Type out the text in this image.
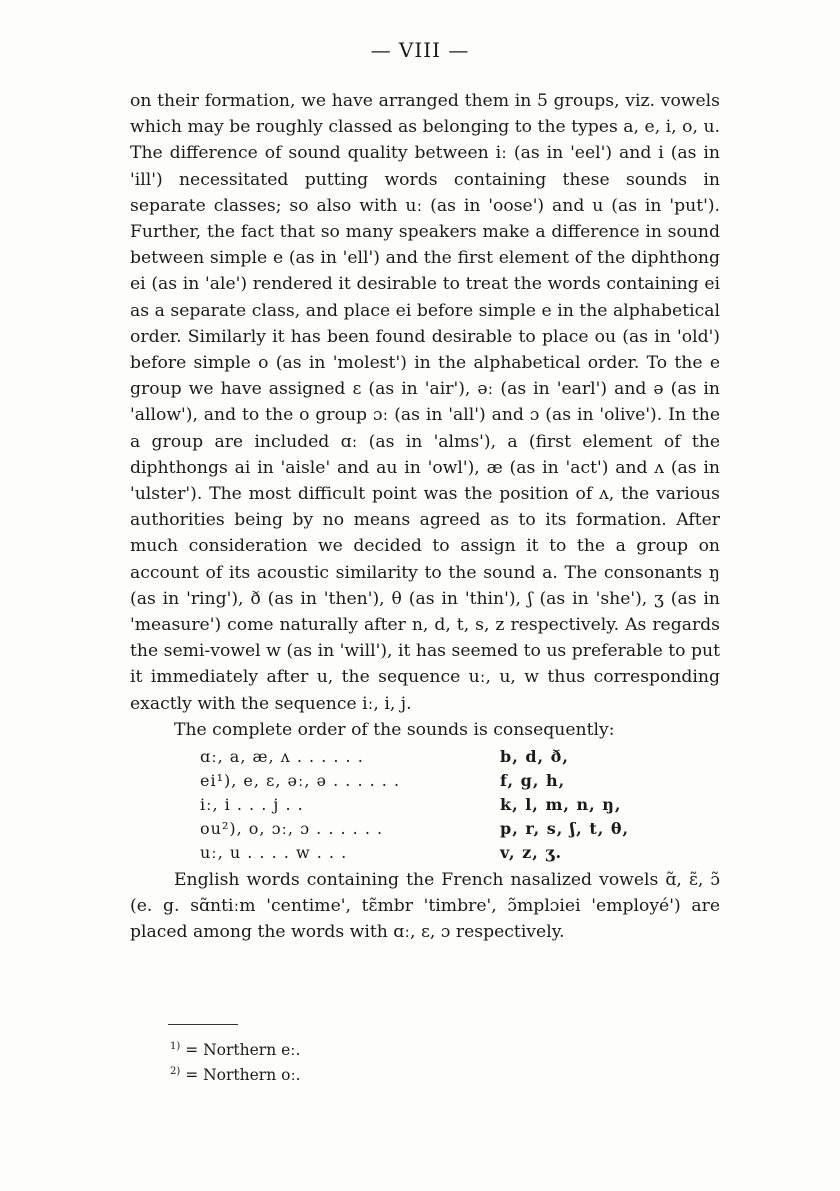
— VIII —

on their formation, we have arranged them in 5 groups, viz. vowels which may be roughly classed as belonging to the types a, e, i, o, u. The difference of sound quality between iː (as in 'eel') and i (as in 'ill') necessitated putting words containing these sounds in separate classes; so also with uː (as in 'oose') and u (as in 'put'). Further, the fact that so many speakers make a difference in sound between simple e (as in 'ell') and the first element of the diphthong ei (as in 'ale') rendered it desirable to treat the words containing ei as a separate class, and place ei before simple e in the alphabetical order. Similarly it has been found desirable to place ou (as in 'old') before simple o (as in 'molest') in the alphabetical order. To the e group we have assigned ɛ (as in 'air'), əː (as in 'earl') and ə (as in 'allow'), and to the o group ɔː (as in 'all') and ɔ (as in 'olive'). In the a group are included ɑː (as in 'alms'), a (first element of the diphthongs ai in 'aisle' and au in 'owl'), æ (as in 'act') and ʌ (as in 'ulster'). The most difficult point was the position of ʌ, the various authorities being by no means agreed as to its formation. After much consideration we decided to assign it to the a group on account of its acoustic similarity to the sound a. The consonants ŋ (as in 'ring'), ð (as in 'then'), θ (as in 'thin'), ʃ (as in 'she'), ʒ (as in 'measure') come naturally after n, d, t, s, z respectively. As regards the semi-vowel w (as in 'will'), it has seemed to us preferable to put it immediately after u, the sequence uː, u, w thus corresponding exactly with the sequence iː, i, j.

The complete order of the sounds is consequently:

ɑː, a, æ, ʌ . . . . . .	b, d, ð,
ei¹), e, ɛ, əː, ə . . . . . .	f, g, h,
iː, i . . . j . .	k, l, m, n, ŋ,
ou²), o, ɔː, ɔ . . . . . .	p, r, s, ʃ, t, θ,
uː, u . . . . w . . .	v, z, ʒ.

English words containing the French nasalized vowels ɑ̃, ɛ̃, ɔ̃ (e. g. sɑ̃ntiːm 'centime', tɛ̃mbr 'timbre', ɔ̃mplɔiei 'employé') are placed among the words with ɑː, ɛ, ɔ respectively.

$^{1)}$ = Northern eː.
$^{2)}$ = Northern oː.
